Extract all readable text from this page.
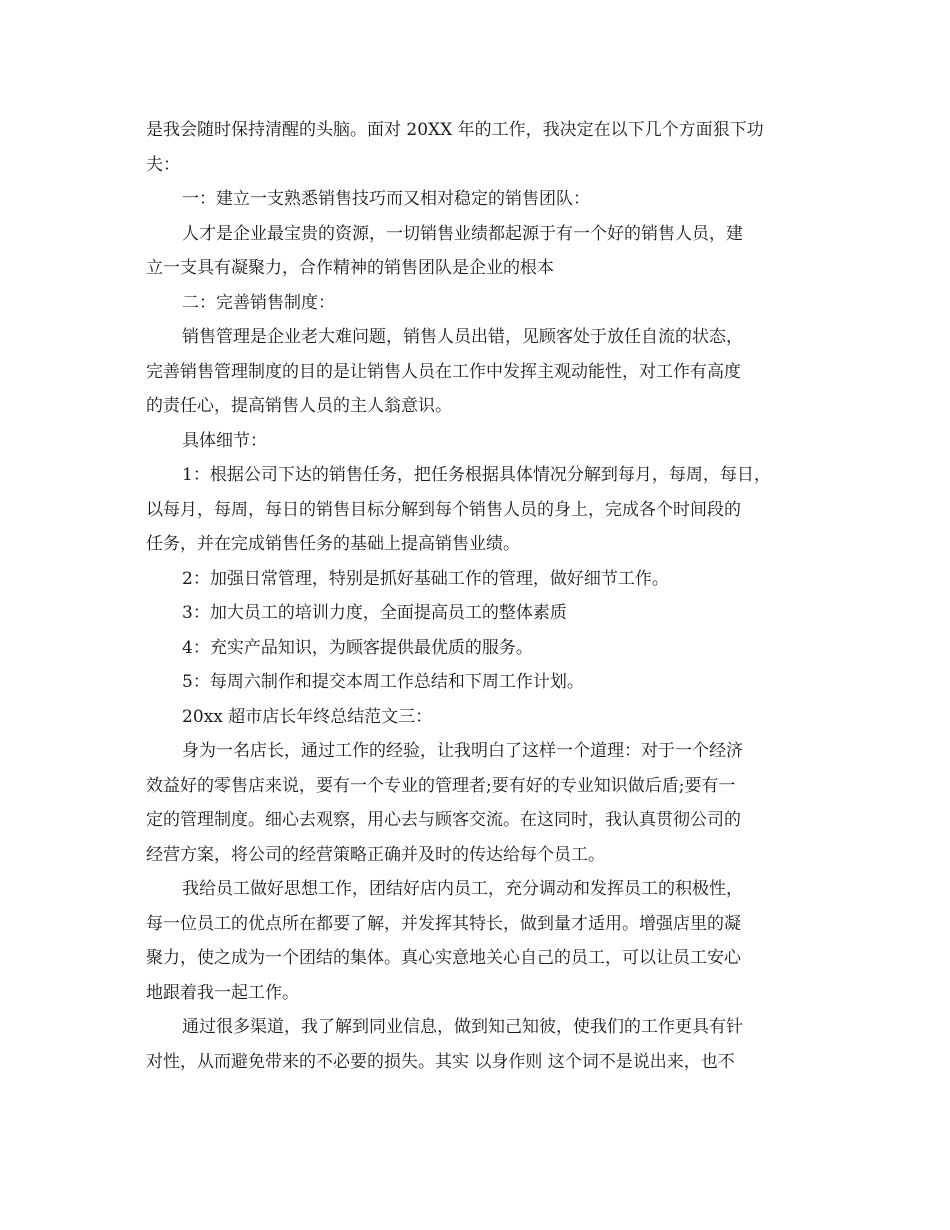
是我会随时保持清醒的头脑。面对 20XX 年的工作，我决定在以下几个方面狠下功
夫：
一：建立一支熟悉销售技巧而又相对稳定的销售团队：
人才是企业最宝贵的资源，一切销售业绩都起源于有一个好的销售人员，建
立一支具有凝聚力，合作精神的销售团队是企业的根本
二：完善销售制度：
销售管理是企业老大难问题，销售人员出错，见顾客处于放任自流的状态，
完善销售管理制度的目的是让销售人员在工作中发挥主观动能性，对工作有高度
的责任心，提高销售人员的主人翁意识。
具体细节：
1：根据公司下达的销售任务，把任务根据具体情况分解到每月，每周，每日，
以每月，每周，每日的销售目标分解到每个销售人员的身上，完成各个时间段的
任务，并在完成销售任务的基础上提高销售业绩。
2：加强日常管理，特别是抓好基础工作的管理，做好细节工作。
3：加大员工的培训力度，全面提高员工的整体素质
4：充实产品知识，为顾客提供最优质的服务。
5：每周六制作和提交本周工作总结和下周工作计划。
20xx 超市店长年终总结范文三：
身为一名店长，通过工作的经验，让我明白了这样一个道理：对于一个经济
效益好的零售店来说，要有一个专业的管理者;要有好的专业知识做后盾;要有一
定的管理制度。细心去观察，用心去与顾客交流。在这同时，我认真贯彻公司的
经营方案，将公司的经营策略正确并及时的传达给每个员工。
我给员工做好思想工作，团结好店内员工，充分调动和发挥员工的积极性，
每一位员工的优点所在都要了解，并发挥其特长，做到量才适用。增强店里的凝
聚力，使之成为一个团结的集体。真心实意地关心自己的员工，可以让员工安心
地跟着我一起工作。
通过很多渠道，我了解到同业信息，做到知己知彼，使我们的工作更具有针
对性，从而避免带来的不必要的损失。其实 以身作则 这个词不是说出来，也不
